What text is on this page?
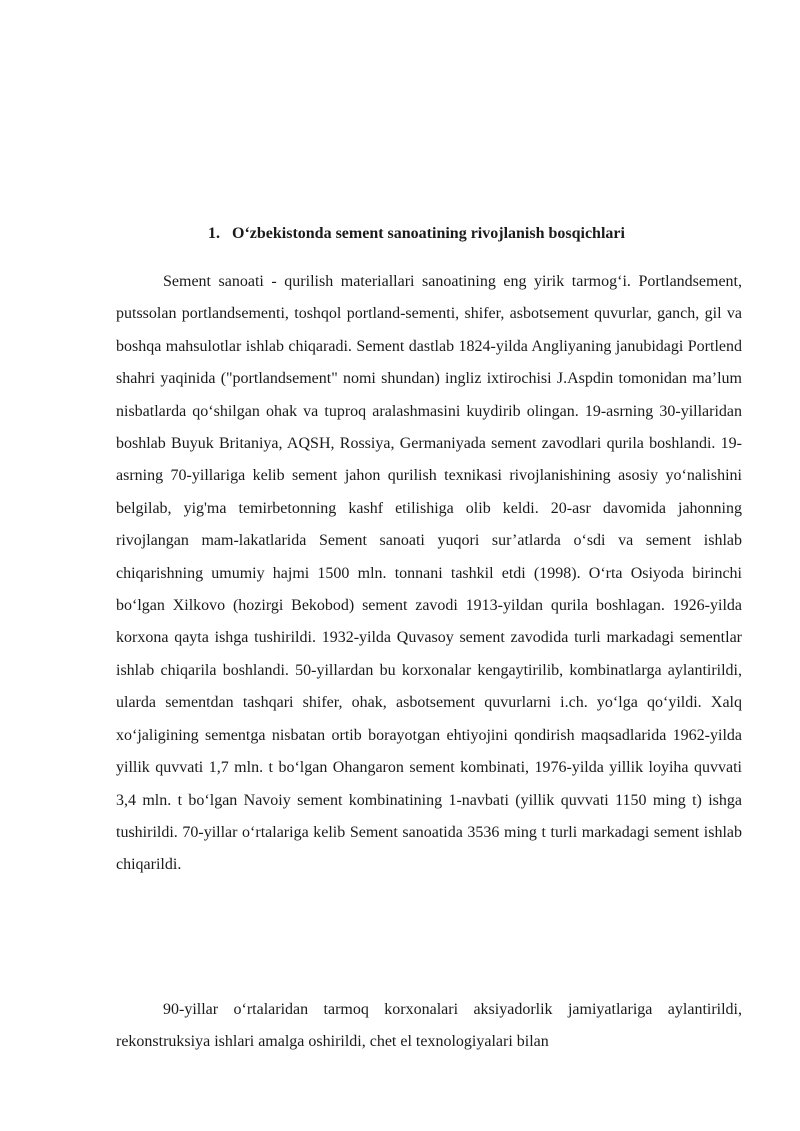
1. O‘zbekistonda sement sanoatining rivojlanish bosqichlari

Sement sanoati - qurilish materiallari sanoatining eng yirik tarmog‘i. Portlandsement, putssolan portlandsementi, toshqol portland-sementi, shifer, asbotsement quvurlar, ganch, gil va boshqa mahsulotlar ishlab chiqaradi. Sement dastlab 1824-yilda Angliyaning janubidagi Portlend shahri yaqinida ("portlandsement" nomi shundan) ingliz ixtirochisi J.Aspdin tomonidan ma’lum nisbatlarda qo‘shilgan ohak va tuproq aralashmasini kuydirib olingan. 19-asrning 30-yillaridan boshlab Buyuk Britaniya, AQSH, Rossiya, Germaniyada sement zavodlari qurila boshlandi. 19-asrning 70-yillariga kelib sement jahon qurilish texnikasi rivojlanishining asosiy yo‘nalishini belgilab, yig'ma temirbetonning kashf etilishiga olib keldi. 20-asr davomida jahonning rivojlangan mam-lakatlarida Sement sanoati yuqori sur’atlarda o‘sdi va sement ishlab chiqarishning umumiy hajmi 1500 mln. tonnani tashkil etdi (1998). O‘rta Osiyoda birinchi bo‘lgan Xilkovo (hozirgi Bekobod) sement zavodi 1913-yildan qurila boshlagan. 1926-yilda korxona qayta ishga tushirildi. 1932-yilda Quvasoy sement zavodida turli markadagi sementlar ishlab chiqarila boshlandi. 50-yillardan bu korxonalar kengaytirilib, kombinatlarga aylantirildi, ularda sementdan tashqari shifer, ohak, asbotsement quvurlarni i.ch. yo‘lga qo‘yildi. Xalq xo‘jaligining sementga nisbatan ortib borayotgan ehtiyojini qondirish maqsadlarida 1962-yilda yillik quvvati 1,7 mln. t bo‘lgan Ohangaron sement kombinati, 1976-yilda yillik loyiha quvvati 3,4 mln. t bo‘lgan Navoiy sement kombinatining 1-navbati (yillik quvvati 1150 ming t) ishga tushirildi. 70-yillar o‘rtalariga kelib Sement sanoatida 3536 ming t turli markadagi sement ishlab chiqarildi.

90-yillar o‘rtalaridan tarmoq korxonalari aksiyadorlik jamiyatlariga aylantirildi, rekonstruksiya ishlari amalga oshirildi, chet el texnologiyalari bilan
